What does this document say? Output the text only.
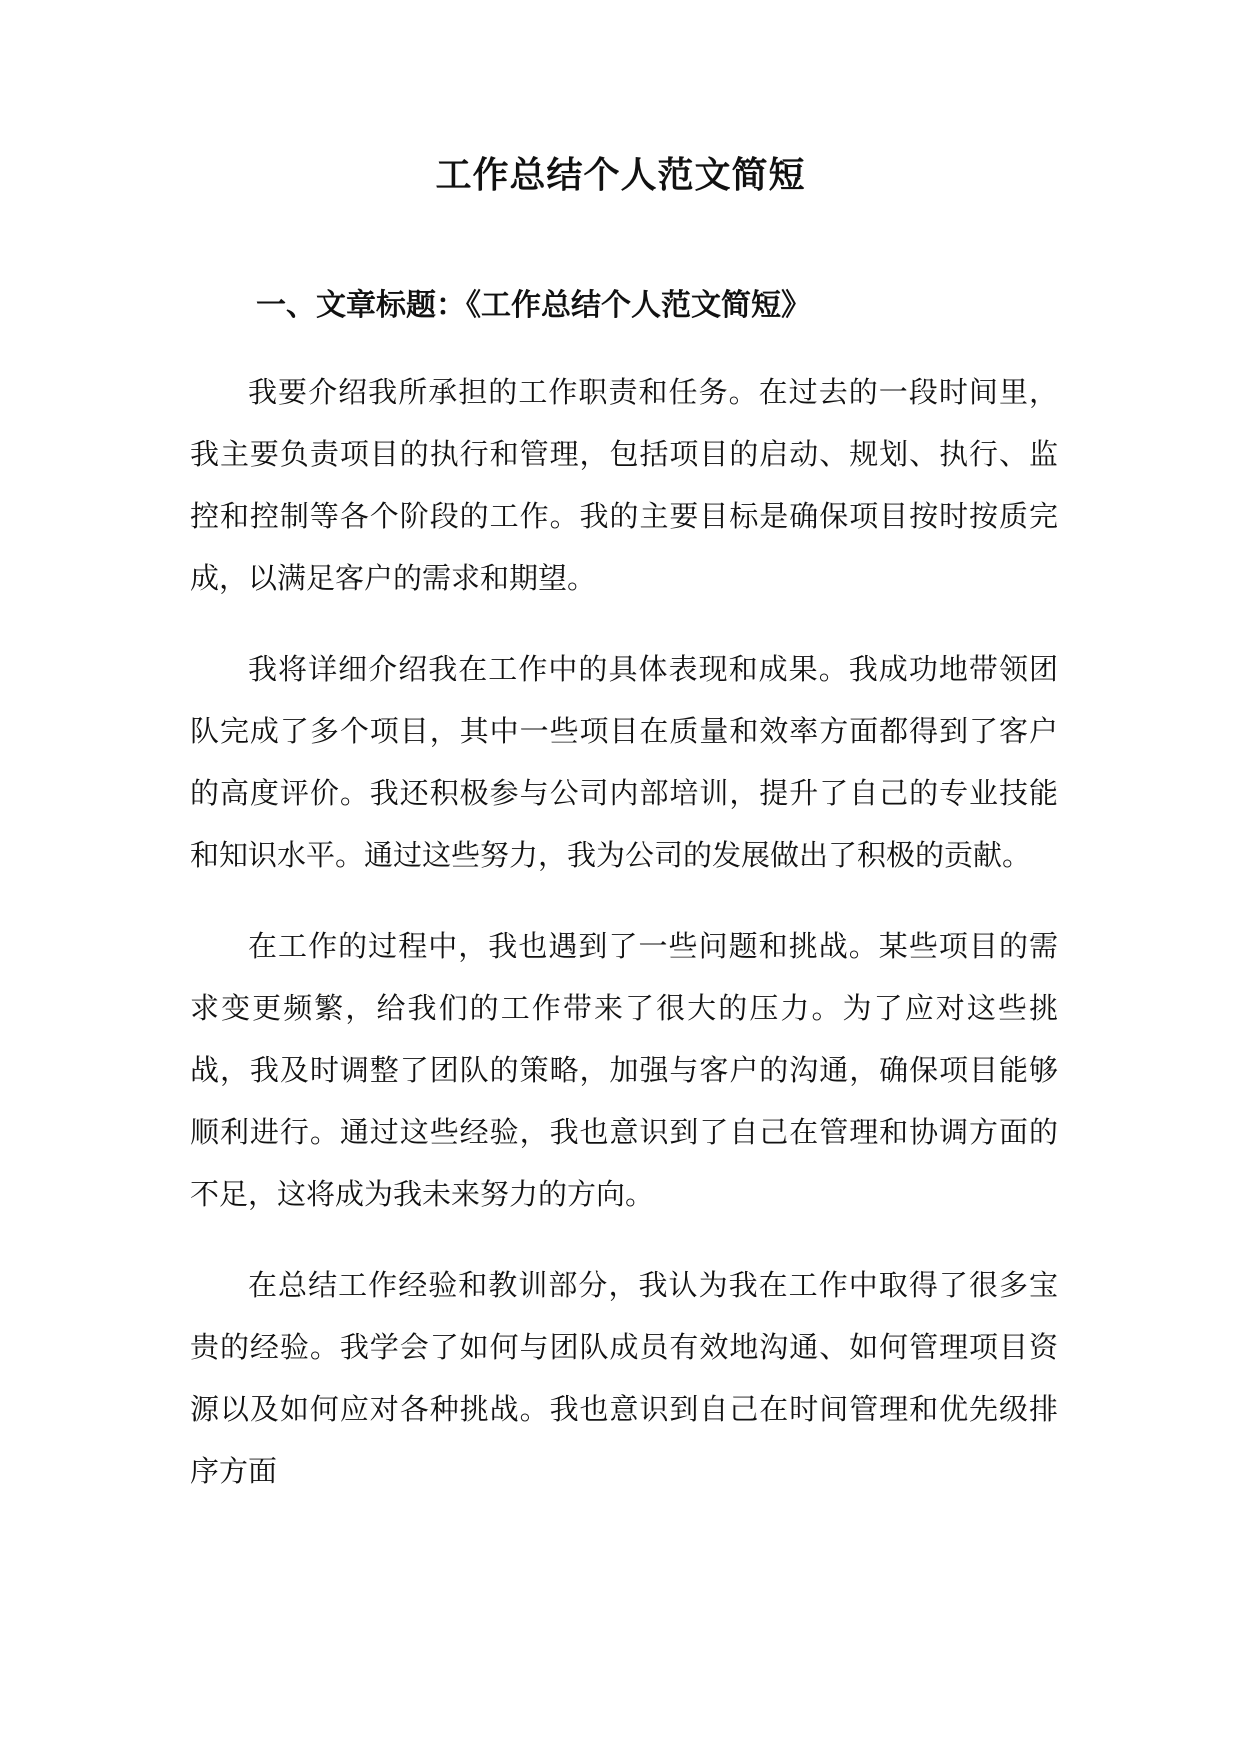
工作总结个人范文简短
一、文章标题：《工作总结个人范文简短》

我要介绍我所承担的工作职责和任务。在过去的一段时间里，我主要负责项目的执行和管理，包括项目的启动、规划、执行、监控和控制等各个阶段的工作。我的主要目标是确保项目按时按质完成，以满足客户的需求和期望。

我将详细介绍我在工作中的具体表现和成果。我成功地带领团队完成了多个项目，其中一些项目在质量和效率方面都得到了客户的高度评价。我还积极参与公司内部培训，提升了自己的专业技能和知识水平。通过这些努力，我为公司的发展做出了积极的贡献。

在工作的过程中，我也遇到了一些问题和挑战。某些项目的需求变更频繁，给我们的工作带来了很大的压力。为了应对这些挑战，我及时调整了团队的策略，加强与客户的沟通，确保项目能够顺利进行。通过这些经验，我也意识到了自己在管理和协调方面的不足，这将成为我未来努力的方向。

在总结工作经验和教训部分，我认为我在工作中取得了很多宝贵的经验。我学会了如何与团队成员有效地沟通、如何管理项目资源以及如何应对各种挑战。我也意识到自己在时间管理和优先级排序方面
